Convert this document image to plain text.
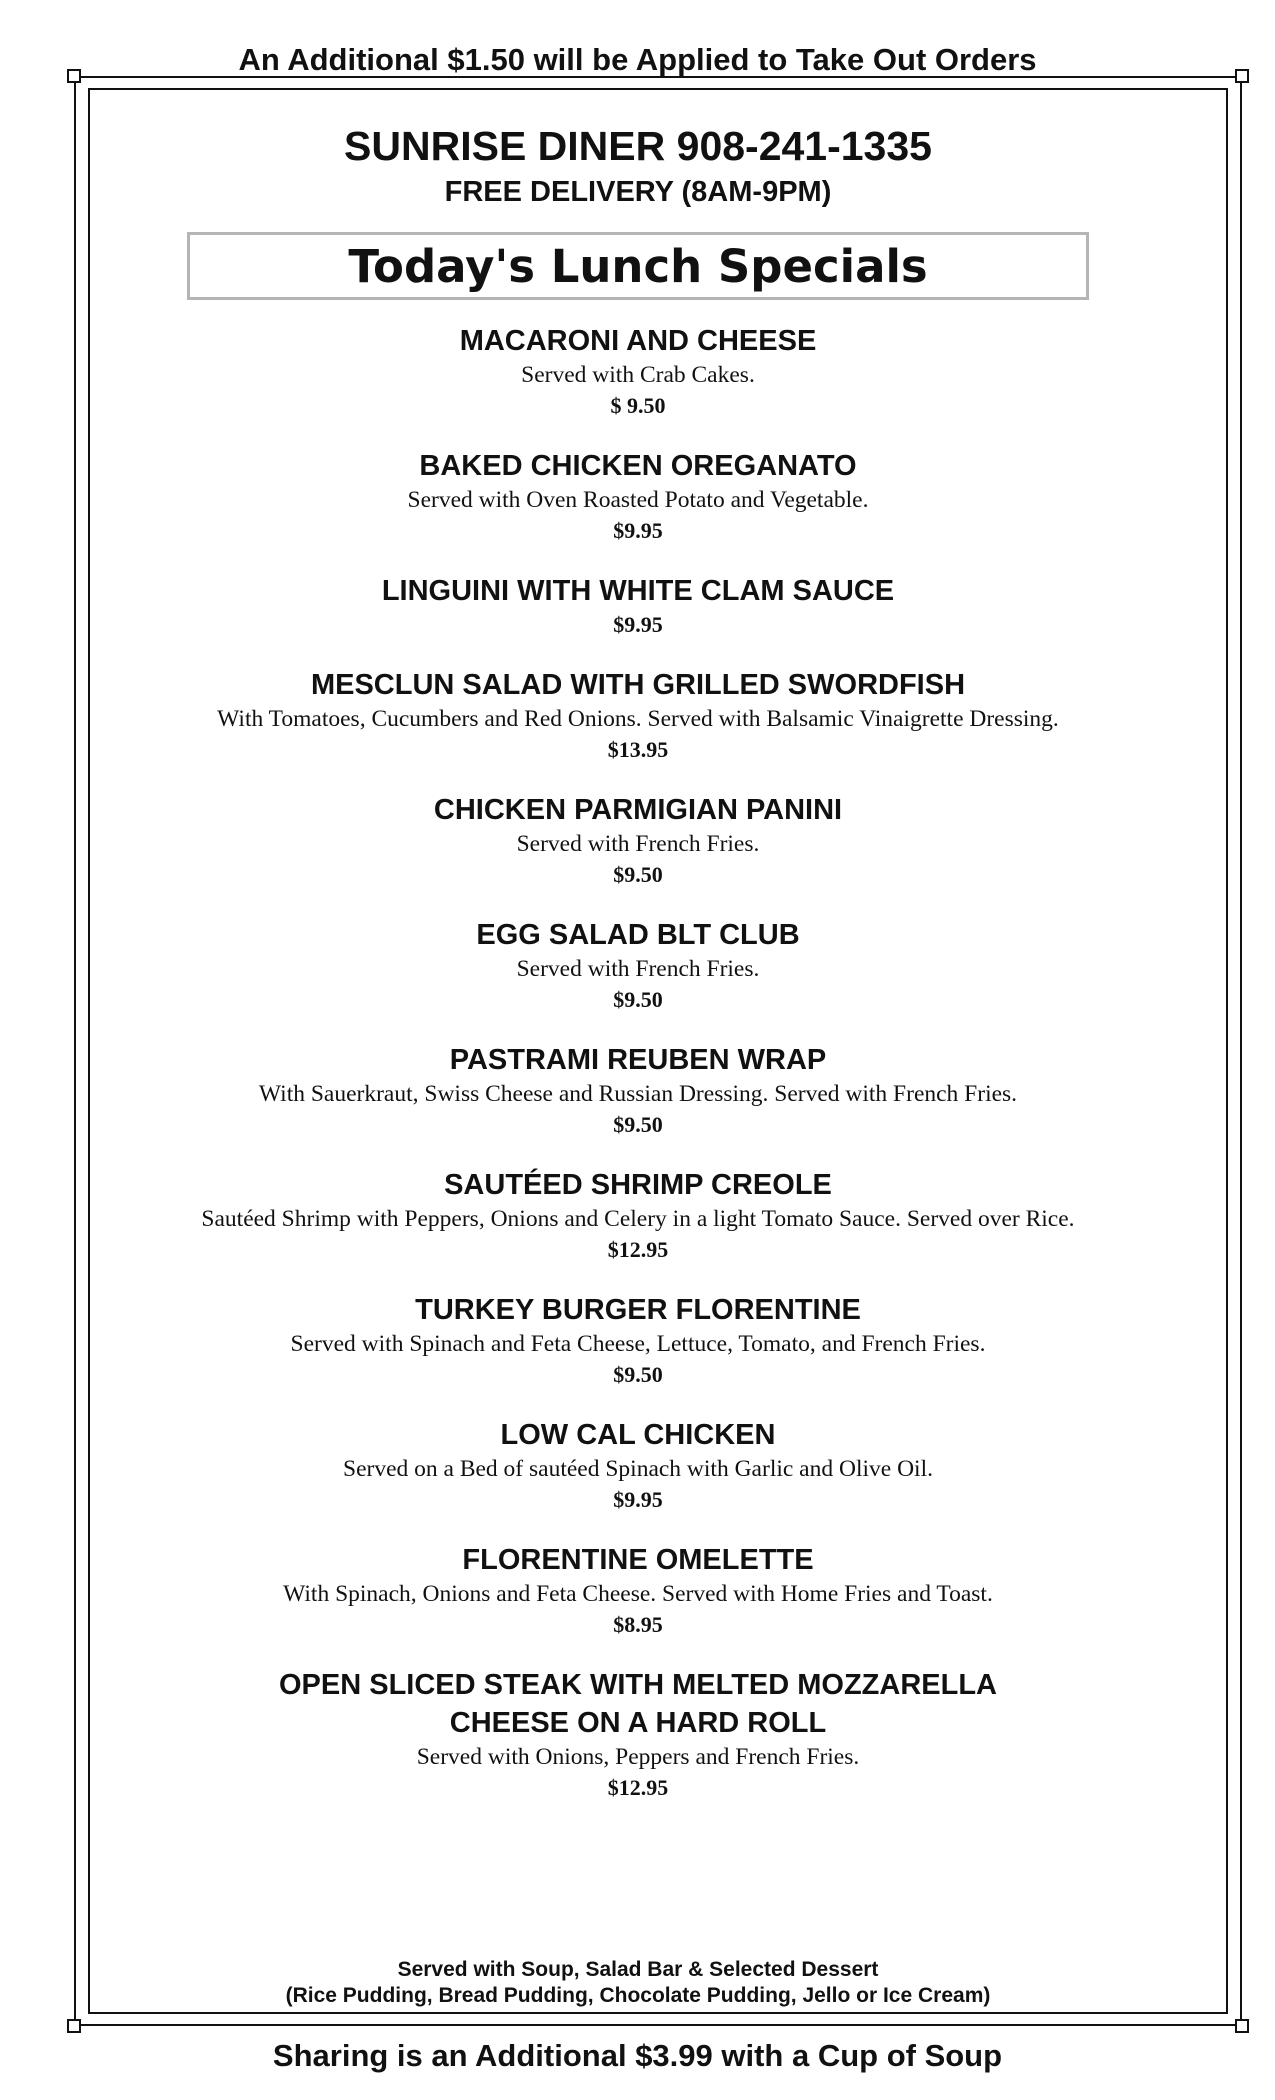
An Additional $1.50 will be Applied to Take Out Orders
SUNRISE DINER 908-241-1335
FREE DELIVERY (8AM-9PM)
Today's Lunch Specials
MACARONI AND CHEESE
Served with Crab Cakes.
$ 9.50
BAKED CHICKEN OREGANATO
Served with Oven Roasted Potato and Vegetable.
$9.95
LINGUINI WITH WHITE CLAM SAUCE
$9.95
MESCLUN SALAD WITH GRILLED SWORDFISH
With Tomatoes, Cucumbers and Red Onions. Served with Balsamic Vinaigrette Dressing.
$13.95
CHICKEN PARMIGIAN PANINI
Served with French Fries.
$9.50
EGG SALAD BLT CLUB
Served with French Fries.
$9.50
PASTRAMI REUBEN WRAP
With Sauerkraut, Swiss Cheese and Russian Dressing. Served with French Fries.
$9.50
SAUTÉED SHRIMP CREOLE
Sautéed Shrimp with Peppers, Onions and Celery in a light Tomato Sauce. Served over Rice.
$12.95
TURKEY BURGER FLORENTINE
Served with Spinach and Feta Cheese, Lettuce, Tomato, and French Fries.
$9.50
LOW CAL CHICKEN
Served on a Bed of sautéed Spinach with Garlic and Olive Oil.
$9.95
FLORENTINE OMELETTE
With Spinach, Onions and Feta Cheese. Served with Home Fries and Toast.
$8.95
OPEN SLICED STEAK WITH MELTED MOZZARELLA CHEESE ON A HARD ROLL
Served with Onions, Peppers and French Fries.
$12.95
Served with Soup, Salad Bar & Selected Dessert
(Rice Pudding, Bread Pudding, Chocolate Pudding, Jello or Ice Cream)
Sharing is an Additional $3.99 with a Cup of Soup
